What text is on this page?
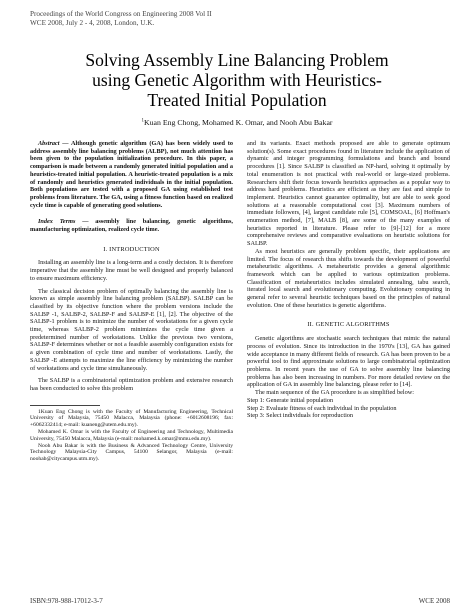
Proceedings of the World Congress on Engineering 2008 Vol II
WCE 2008, July 2 - 4, 2008, London, U.K.
Solving Assembly Line Balancing Problem
using Genetic Algorithm with Heuristics-
Treated Initial Population
$^1$Kuan Eng Chong, Mohamed K. Omar, and Nooh Abu Bakar

Abstract — Although genetic algorithm (GA) has been widely used to address assembly line balancing problems (ALBP), not much attention has been given to the population initialization procedure. In this paper, a comparison is made between a randomly generated initial population and a heuristics-treated initial population. A heuristic-treated population is a mix of randomly and heuristics generated individuals in the initial population. Both populations are tested with a proposed GA using established test problems from literature. The GA, using a fitness function based on realized cycle time is capable of generating good solutions.

Index Terms — assembly line balancing, genetic algorithms, manufacturing optimization, realized cycle time.

I. INTRODUCTION

Installing an assembly line is a long-term and a costly decision. It is therefore imperative that the assembly line must be well designed and properly balanced to ensure maximum efficiency.

The classical decision problem of optimally balancing the assembly line is known as simple assembly line balancing problem (SALBP). SALBP can be classified by its objective function where the problem versions include the SALBP -1, SALBP-2, SALBP-F and SALBP-E [1], [2]. The objective of the SALBP-1 problem is to minimize the number of workstations for a given cycle time, whereas SALBP-2 problem minimizes the cycle time given a predetermined number of workstations. Unlike the previous two versions, SALBP-F determines whether or not a feasible assembly configuration exists for a given combination of cycle time and number of workstations. Lastly, the SALBP -E attempts to maximize the line efficiency by minimizing the number of workstations and cycle time simultaneously.

The SALBP is a combinatorial optimization problem and extensive research has been conducted to solve this problem

1Kuan Eng Chong is with the Faculty of Manufacturing Engineering, Technical University of Malaysia, 75450 Malacca, Malaysia (phone: +6012608196; fax: +6062332414; e-mail: kuaneng@utem.edu.my).

Mohamed K. Omar is with the Faculty of Engineering and Technology, Multimedia University, 75450 Malacca, Malaysia (e-mail: mohamed.k.omar@mmu.edu.my).

Nooh Abu Bakar is with the Business & Advanced Technology Centre, University Technology Malaysia-City Campus, 54100 Selangor, Malaysia (e-mail: noohab@citycampus.utm.my).

and its variants. Exact methods proposed are able to generate optimum solution(s). Some exact procedures found in literature include the application of dynamic and integer programming formulations and branch and bound procedures [1]. Since SALBP is classified as NP-hard, solving it optimally by total enumeration is not practical with real-world or large-sized problems. Researchers shift their focus towards heuristics approaches as a popular way to address hard problems. Heuristics are efficient as they are fast and simple to implement. Heuristics cannot guarantee optimality, but are able to seek good solutions at a reasonable computational cost [3]. Maximum numbers of immediate followers, [4], largest candidate rule [5], COMSOAL, [6] Hoffman's enumeration method, [7], MALB [8], are some of the many examples of heuristics reported in literature. Please refer to [9]-[12] for a more comprehensive reviews and comparative evaluations on heuristic solutions for SALBP.

As most heuristics are generally problem specific, their applications are limited. The focus of research thus shifts towards the development of powerful metaheuristic algorithms. A metaheuristic provides a general algorithmic framework which can be applied to various optimization problems. Classification of metaheuristics includes simulated annealing, tabu search, iterated local search and evolutionary computing. Evolutionary computing in general refer to several heuristic techniques based on the principles of natural evolution. One of these heuristics is genetic algorithms.

II. GENETIC ALGORITHMS

Genetic algorithms are stochastic search techniques that mimic the natural process of evolution. Since its introduction in the 1970's [13], GA has gained wide acceptance in many different fields of research. GA has been proven to be a powerful tool to find approximate solutions to large combinatorial optimization problems. In recent years the use of GA to solve assembly line balancing problems has also been increasing in numbers. For more detailed review on the application of GA in assembly line balancing, please refer to [14].

The main sequence of the GA procedure is as simplified below:

Step 1: Generate initial population

Step 2: Evaluate fitness of each individual in the population

Step 3: Select individuals for reproduction

ISBN:978-988-17012-3-7	WCE 2008
